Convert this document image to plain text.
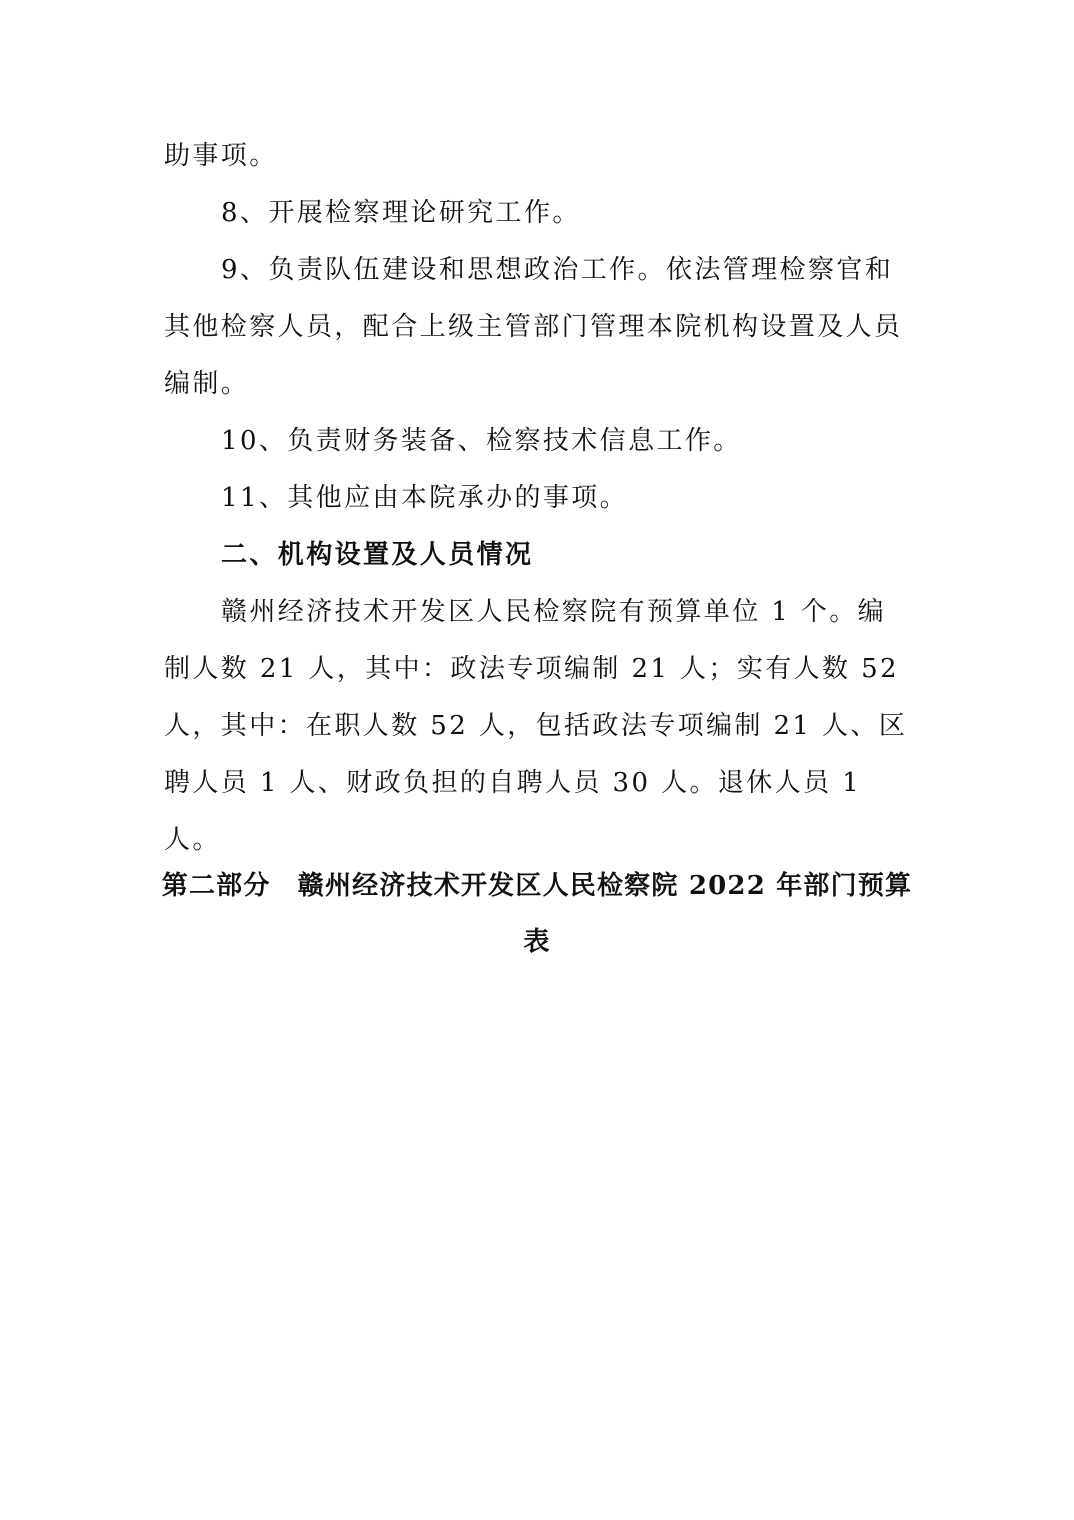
助事项。

8、开展检察理论研究工作。

9、负责队伍建设和思想政治工作。依法管理检察官和其他检察人员，配合上级主管部门管理本院机构设置及人员编制。

10、负责财务装备、检察技术信息工作。

11、其他应由本院承办的事项。

二、机构设置及人员情况

赣州经济技术开发区人民检察院有预算单位 1 个。编制人数 21 人，其中：政法专项编制 21 人；实有人数 52 人，其中：在职人数 52 人，包括政法专项编制 21 人、区聘人员 1 人、财政负担的自聘人员 30 人。退休人员 1 人。

第二部分　赣州经济技术开发区人民检察院 2022 年部门预算表
